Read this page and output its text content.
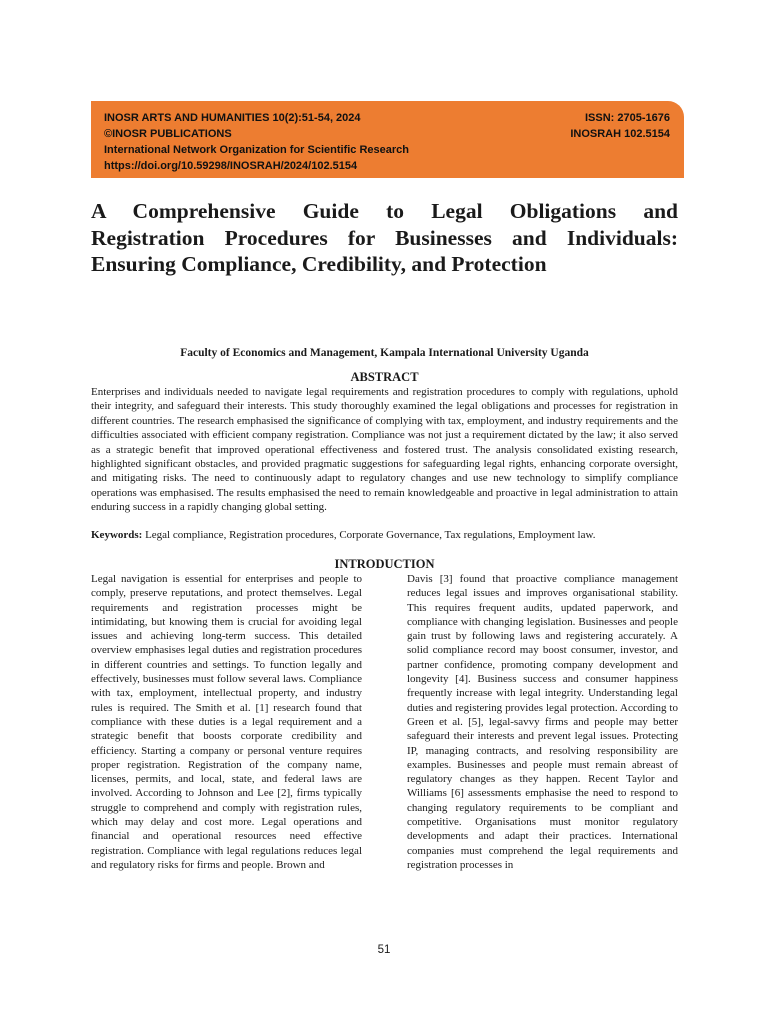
INOSR ARTS AND HUMANITIES 10(2):51-54, 2024
©INOSR PUBLICATIONS
International Network Organization for Scientific Research
https://doi.org/10.59298/INOSRAH/2024/102.5154
ISSN: 2705-1676
INOSRAH 102.5154
A Comprehensive Guide to Legal Obligations and
Registration Procedures for Businesses and Individuals:
Ensuring Compliance, Credibility, and Protection

Faculty of Economics and Management, Kampala International University Uganda

ABSTRACT

Enterprises and individuals needed to navigate legal requirements and registration procedures to comply with regulations, uphold their integrity, and safeguard their interests. This study thoroughly examined the legal obligations and processes for registration in different countries. The research emphasised the significance of complying with tax, employment, and industry requirements and the difficulties associated with efficient company registration. Compliance was not just a requirement dictated by the law; it also served as a strategic benefit that improved operational effectiveness and fostered trust. The analysis consolidated existing research, highlighted significant obstacles, and provided pragmatic suggestions for safeguarding legal rights, enhancing corporate oversight, and mitigating risks. The need to continuously adapt to regulatory changes and use new technology to simplify compliance operations was emphasised. The results emphasised the need to remain knowledgeable and proactive in legal administration to attain enduring success in a rapidly changing global setting.

Keywords: Legal compliance, Registration procedures, Corporate Governance, Tax regulations, Employment law.

INTRODUCTION

Legal navigation is essential for enterprises and people to comply, preserve reputations, and protect themselves. Legal requirements and registration processes might be intimidating, but knowing them is crucial for avoiding legal issues and achieving long-term success. This detailed overview emphasises legal duties and registration procedures in different countries and settings. To function legally and effectively, businesses must follow several laws. Compliance with tax, employment, intellectual property, and industry rules is required. The Smith et al. [1] research found that compliance with these duties is a legal requirement and a strategic benefit that boosts corporate credibility and efficiency. Starting a company or personal venture requires proper registration. Registration of the company name, licenses, permits, and local, state, and federal laws are involved. According to Johnson and Lee [2], firms typically struggle to comprehend and comply with registration rules, which may delay and cost more. Legal operations and financial and operational resources need effective registration. Compliance with legal regulations reduces legal and regulatory risks for firms and people. Brown and

Davis [3] found that proactive compliance management reduces legal issues and improves organisational stability. This requires frequent audits, updated paperwork, and compliance with changing legislation. Businesses and people gain trust by following laws and registering accurately. A solid compliance record may boost consumer, investor, and partner confidence, promoting company development and longevity [4]. Business success and consumer happiness frequently increase with legal integrity. Understanding legal duties and registering provides legal protection. According to Green et al. [5], legal-savvy firms and people may better safeguard their interests and prevent legal issues. Protecting IP, managing contracts, and resolving responsibility are examples. Businesses and people must remain abreast of regulatory changes as they happen. Recent Taylor and Williams [6] assessments emphasise the need to respond to changing regulatory requirements to be compliant and competitive. Organisations must monitor regulatory developments and adapt their practices. International companies must comprehend the legal requirements and registration processes in

51
